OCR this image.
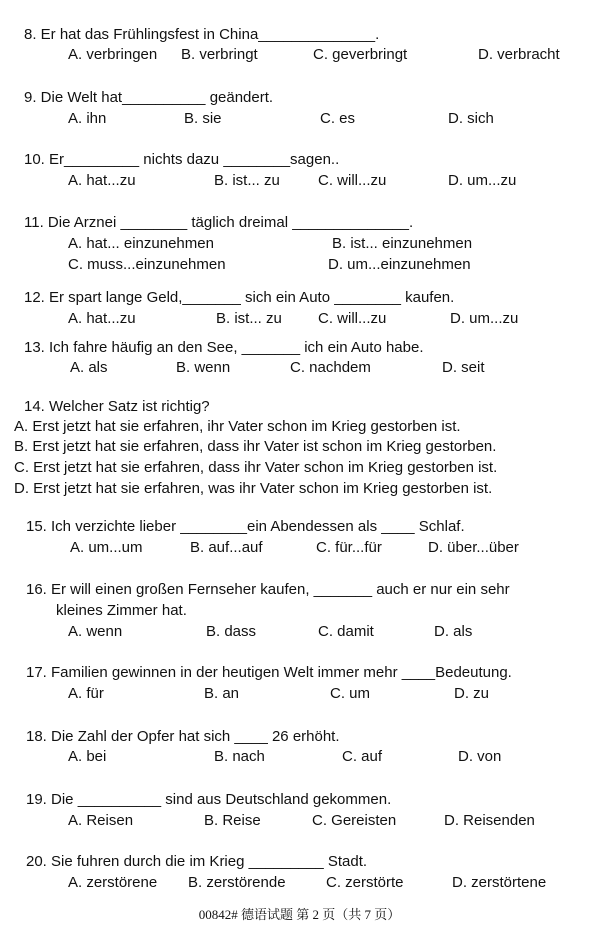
8. Er hat das Frühlingsfest in China______________.
A. verbringen B. verbringt	C. geverbringt	D. verbracht
9. Die Welt hat__________ geändert.
A. ihn	B. sie	C. es	D. sich
10. Er_________ nichts dazu ________sagen..
A. hat...zu	B. ist... zu	C. will...zu	D. um...zu
11. Die Arznei ________ täglich dreimal ______________.
A. hat... einzunehmen	B. ist... einzunehmen
C. muss...einzunehmen	D. um...einzunehmen
12. Er spart lange Geld,_______ sich ein Auto ________ kaufen.
A. hat...zu	B. ist... zu C. will...zu	D. um...zu
13. Ich fahre häufig an den See, _______ ich ein Auto habe.
A. als	B. wenn	C. nachdem	D. seit
14. Welcher Satz ist richtig?
A. Erst jetzt hat sie erfahren, ihr Vater schon im Krieg gestorben ist.
B. Erst jetzt hat sie erfahren, dass ihr Vater ist schon im Krieg gestorben.
C. Erst jetzt hat sie erfahren, dass ihr Vater schon im Krieg gestorben ist.
D. Erst jetzt hat sie erfahren, was ihr Vater schon im Krieg gestorben ist.
15. Ich verzichte lieber ________ein Abendessen als ____ Schlaf.
A. um...um	B. auf...auf	C. für...für	D. über...über
16. Er will einen großen Fernseher kaufen, _______ auch er nur ein sehr
kleines Zimmer hat.
A. wenn	B. dass	C. damit	D. als
17. Familien gewinnen in der heutigen Welt immer mehr ____Bedeutung.
A. für	B. an	C. um	D. zu
18. Die Zahl der Opfer hat sich ____ 26 erhöht.
A. bei	B. nach	C. auf	D. von
19. Die __________ sind aus Deutschland gekommen.
A. Reisen	B. Reise	C. Gereisten	D. Reisenden
20. Sie fuhren durch die im Krieg _________ Stadt.
A. zerstörene B. zerstörende	C. zerstörte	D. zerstörtene
00842# 德语试题 第 2 页（共 7 页）
